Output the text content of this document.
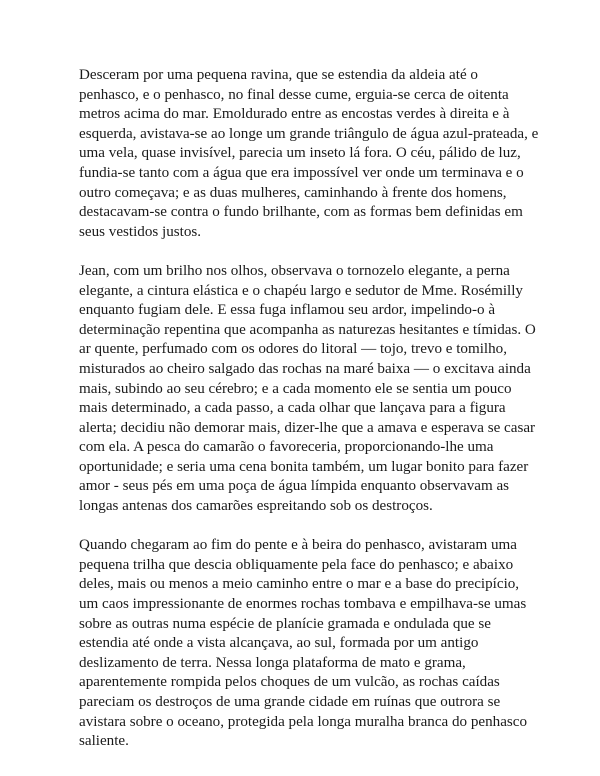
Desceram por uma pequena ravina, que se estendia da aldeia até o
penhasco, e o penhasco, no final desse cume, erguia-se cerca de oitenta
metros acima do mar. Emoldurado entre as encostas verdes à direita e à
esquerda, avistava-se ao longe um grande triângulo de água azul-prateada, e
uma vela, quase invisível, parecia um inseto lá fora. O céu, pálido de luz,
fundia-se tanto com a água que era impossível ver onde um terminava e o
outro começava; e as duas mulheres, caminhando à frente dos homens,
destacavam-se contra o fundo brilhante, com as formas bem definidas em
seus vestidos justos.

Jean, com um brilho nos olhos, observava o tornozelo elegante, a perna
elegante, a cintura elástica e o chapéu largo e sedutor de Mme. Rosémilly
enquanto fugiam dele. E essa fuga inflamou seu ardor, impelindo-o à
determinação repentina que acompanha as naturezas hesitantes e tímidas. O
ar quente, perfumado com os odores do litoral — tojo, trevo e tomilho,
misturados ao cheiro salgado das rochas na maré baixa — o excitava ainda
mais, subindo ao seu cérebro; e a cada momento ele se sentia um pouco
mais determinado, a cada passo, a cada olhar que lançava para a figura
alerta; decidiu não demorar mais, dizer-lhe que a amava e esperava se casar
com ela. A pesca do camarão o favoreceria, proporcionando-lhe uma
oportunidade; e seria uma cena bonita também, um lugar bonito para fazer
amor - seus pés em uma poça de água límpida enquanto observavam as
longas antenas dos camarões espreitando sob os destroços.

Quando chegaram ao fim do pente e à beira do penhasco, avistaram uma
pequena trilha que descia obliquamente pela face do penhasco; e abaixo
deles, mais ou menos a meio caminho entre o mar e a base do precipício,
um caos impressionante de enormes rochas tombava e empilhava-se umas
sobre as outras numa espécie de planície gramada e ondulada que se
estendia até onde a vista alcançava, ao sul, formada por um antigo
deslizamento de terra. Nessa longa plataforma de mato e grama,
aparentemente rompida pelos choques de um vulcão, as rochas caídas
pareciam os destroços de uma grande cidade em ruínas que outrora se
avistara sobre o oceano, protegida pela longa muralha branca do penhasco
saliente.
